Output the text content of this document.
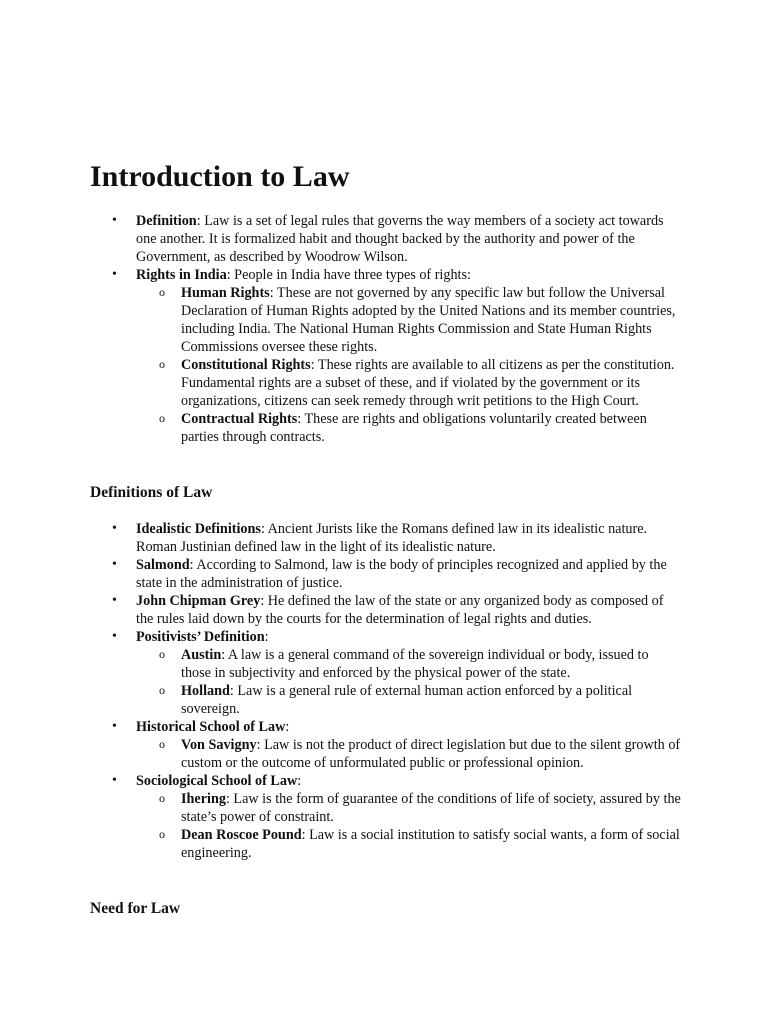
Introduction to Law
• Definition: Law is a set of legal rules that governs the way members of a society act towards one another. It is formalized habit and thought backed by the authority and power of the Government, as described by Woodrow Wilson.
• Rights in India: People in India have three types of rights:
o Human Rights: These are not governed by any specific law but follow the Universal Declaration of Human Rights adopted by the United Nations and its member countries, including India. The National Human Rights Commission and State Human Rights Commissions oversee these rights.
o Constitutional Rights: These rights are available to all citizens as per the constitution. Fundamental rights are a subset of these, and if violated by the government or its organizations, citizens can seek remedy through writ petitions to the High Court.
o Contractual Rights: These are rights and obligations voluntarily created between parties through contracts.
Definitions of Law
• Idealistic Definitions: Ancient Jurists like the Romans defined law in its idealistic nature. Roman Justinian defined law in the light of its idealistic nature.
• Salmond: According to Salmond, law is the body of principles recognized and applied by the state in the administration of justice.
• John Chipman Grey: He defined the law of the state or any organized body as composed of the rules laid down by the courts for the determination of legal rights and duties.
• Positivists’ Definition:
o Austin: A law is a general command of the sovereign individual or body, issued to those in subjectivity and enforced by the physical power of the state.
o Holland: Law is a general rule of external human action enforced by a political sovereign.
• Historical School of Law:
o Von Savigny: Law is not the product of direct legislation but due to the silent growth of custom or the outcome of unformulated public or professional opinion.
• Sociological School of Law:
o Ihering: Law is the form of guarantee of the conditions of life of society, assured by the state’s power of constraint.
o Dean Roscoe Pound: Law is a social institution to satisfy social wants, a form of social engineering.
Need for Law
